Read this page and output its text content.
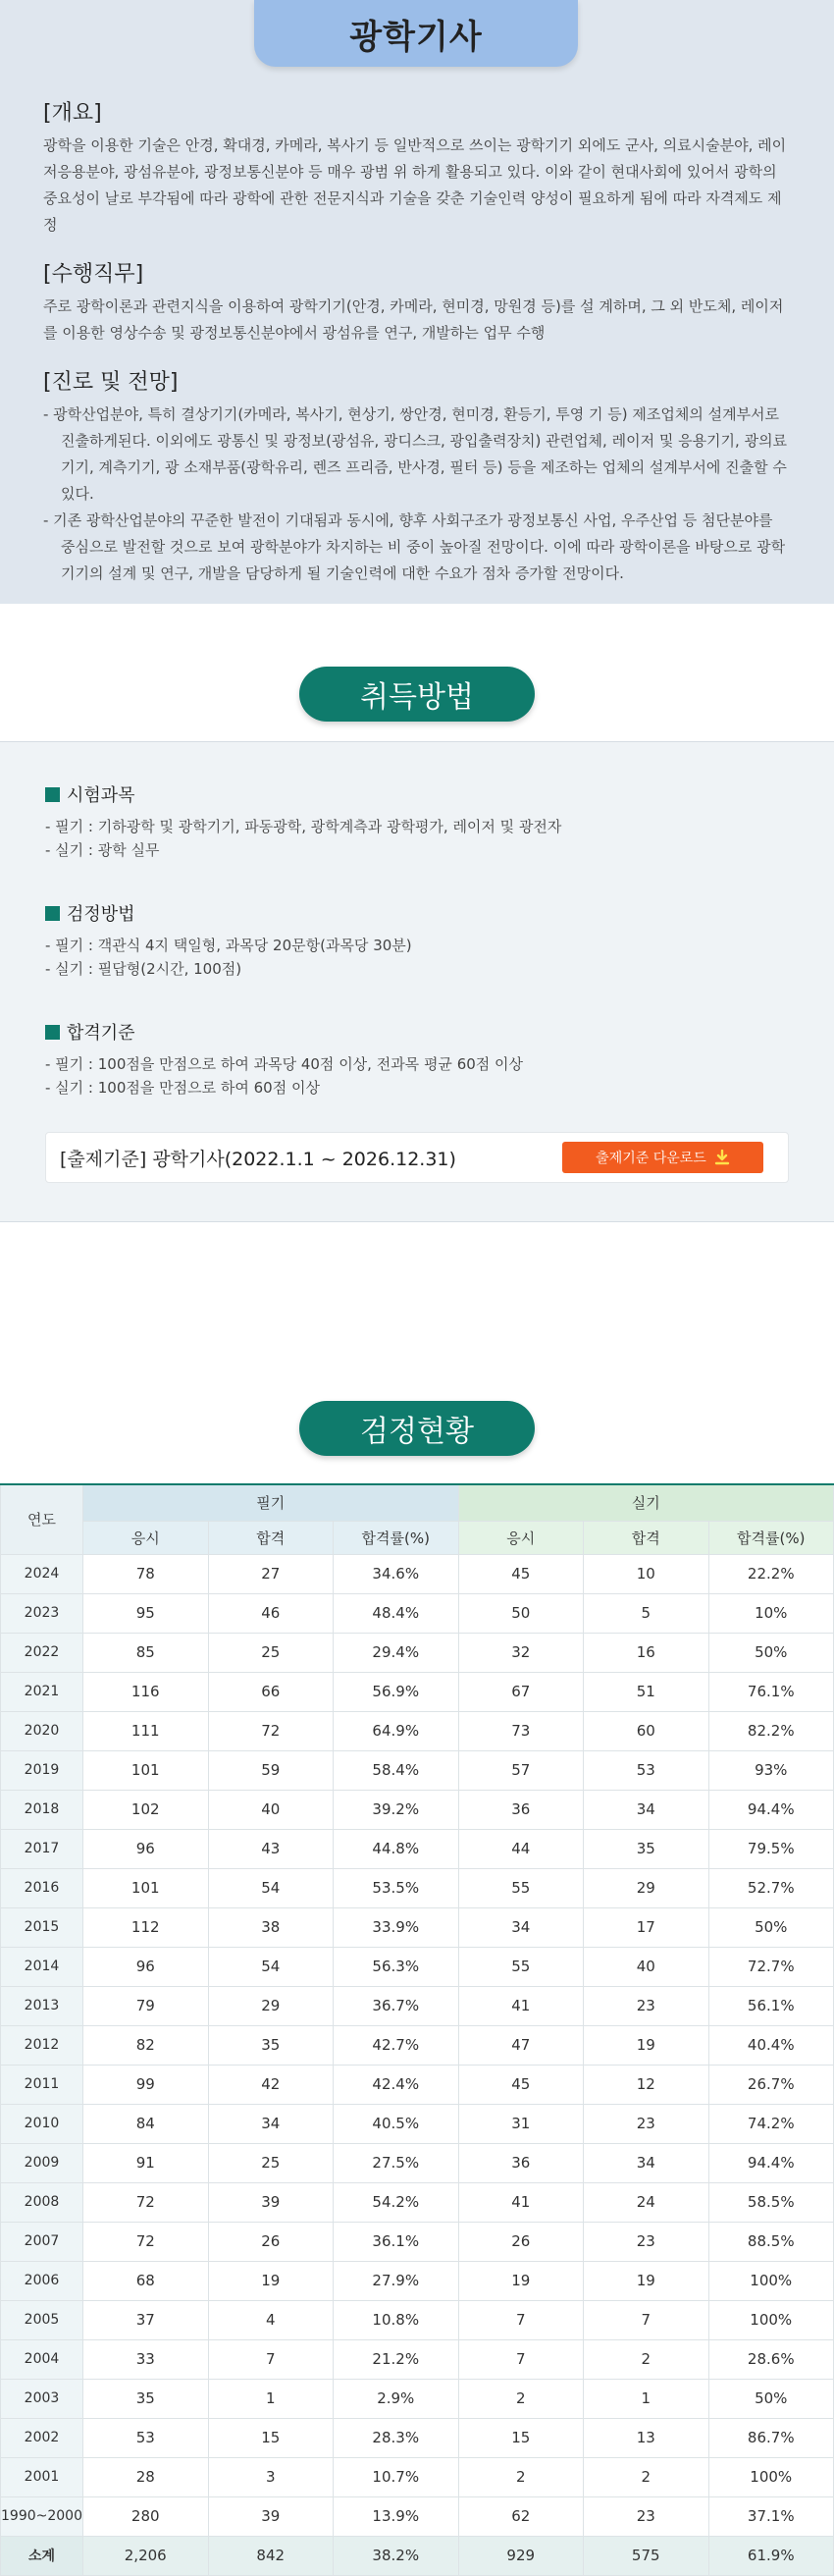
광학기사
[개요]

광학을 이용한 기술은 안경, 확대경, 카메라, 복사기 등 일반적으로 쓰이는 광학기기 외에도 군사, 의료시술분야, 레이저응용분야, 광섬유분야, 광정보통신분야 등 매우 광범 위 하게 활용되고 있다. 이와 같이 현대사회에 있어서 광학의 중요성이 날로 부각됨에 따라 광학에 관한 전문지식과 기술을 갖춘 기술인력 양성이 필요하게 됨에 따라 자격제도 제정

[수행직무]

주로 광학이론과 관련지식을 이용하여 광학기기(안경, 카메라, 현미경, 망원경 등)를 설 계하며, 그 외 반도체, 레이저를 이용한 영상수송 및 광정보통신분야에서 광섬유를 연구, 개발하는 업무 수행

[진로 및 전망]
- 광학산업분야, 특히 결상기기(카메라, 복사기, 현상기, 쌍안경, 현미경, 환등기, 투영 기 등) 제조업체의 설계부서로 진출하게된다. 이외에도 광통신 및 광정보(광섬유, 광디스크, 광입출력장치) 관련업체, 레이저 및 응용기기, 광의료기기, 계측기기, 광 소재부품(광학유리, 렌즈 프리즘, 반사경, 필터 등) 등을 제조하는 업체의 설계부서에 진출할 수 있다.
- 기존 광학산업분야의 꾸준한 발전이 기대됨과 동시에, 향후 사회구조가 광정보통신 사업, 우주산업 등 첨단분야를 중심으로 발전할 것으로 보여 광학분야가 차지하는 비 중이 높아질 전망이다. 이에 따라 광학이론을 바탕으로 광학기기의 설계 및 연구, 개발을 담당하게 될 기술인력에 대한 수요가 점차 증가할 전망이다.
취득방법
시험과목
- 필기 : 기하광학 및 광학기기, 파동광학, 광학계측과 광학평가, 레이저 및 광전자
- 실기 : 광학 실무
검정방법
- 필기 : 객관식 4지 택일형, 과목당 20문항(과목당 30분)
- 실기 : 필답형(2시간, 100점)
합격기준
- 필기 : 100점을 만점으로 하여 과목당 40점 이상, 전과목 평균 60점 이상
- 실기 : 100점을 만점으로 하여 60점 이상
[출제기준] 광학기사(2022.1.1 ~ 2026.12.31)	출제기준 다운로드
검정현황
연도	필기			실기		
	응시	합격	합격률(%)	응시	합격	합격률(%)
2024	78	27	34.6%	45	10	22.2%
2023	95	46	48.4%	50	5	10%
2022	85	25	29.4%	32	16	50%
2021	116	66	56.9%	67	51	76.1%
2020	111	72	64.9%	73	60	82.2%
2019	101	59	58.4%	57	53	93%
2018	102	40	39.2%	36	34	94.4%
2017	96	43	44.8%	44	35	79.5%
2016	101	54	53.5%	55	29	52.7%
2015	112	38	33.9%	34	17	50%
2014	96	54	56.3%	55	40	72.7%
2013	79	29	36.7%	41	23	56.1%
2012	82	35	42.7%	47	19	40.4%
2011	99	42	42.4%	45	12	26.7%
2010	84	34	40.5%	31	23	74.2%
2009	91	25	27.5%	36	34	94.4%
2008	72	39	54.2%	41	24	58.5%
2007	72	26	36.1%	26	23	88.5%
2006	68	19	27.9%	19	19	100%
2005	37	4	10.8%	7	7	100%
2004	33	7	21.2%	7	2	28.6%
2003	35	1	2.9%	2	1	50%
2002	53	15	28.3%	15	13	86.7%
2001	28	3	10.7%	2	2	100%
1990~2000	280	39	13.9%	62	23	37.1%
소계	2,206	842	38.2%	929	575	61.9%
